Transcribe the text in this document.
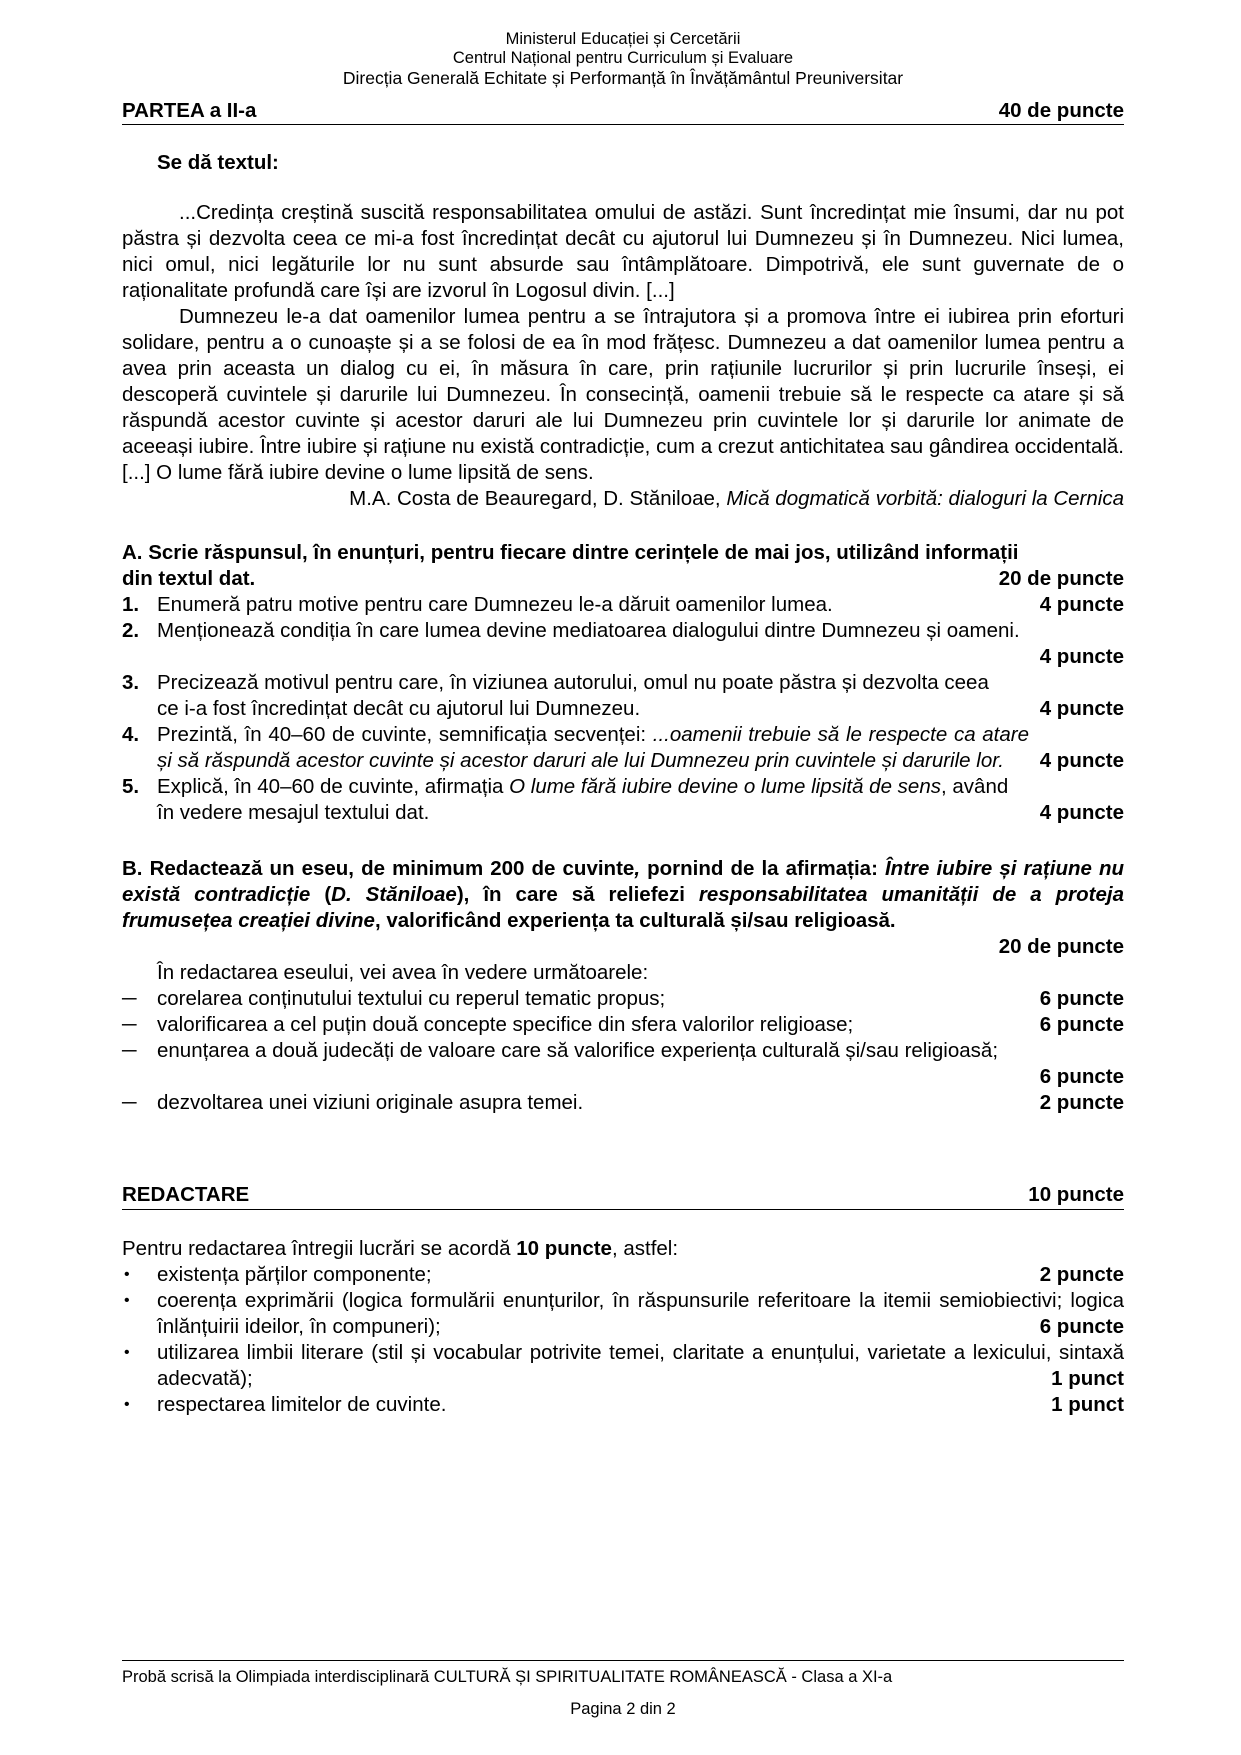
Ministerul Educației și Cercetării
Centrul Național pentru Curriculum și Evaluare
Direcția Generală Echitate și Performanță în Învățământul Preuniversitar
PARTEA a II-a	40 de puncte
Se dă textul:

...Credința creștină suscită responsabilitatea omului de astăzi. Sunt încredințat mie însumi, dar nu pot păstra și dezvolta ceea ce mi-a fost încredințat decât cu ajutorul lui Dumnezeu și în Dumnezeu. Nici lumea, nici omul, nici legăturile lor nu sunt absurde sau întâmplătoare. Dimpotrivă, ele sunt guvernate de o raționalitate profundă care își are izvorul în Logosul divin. [...]

Dumnezeu le-a dat oamenilor lumea pentru a se întrajutora și a promova între ei iubirea prin eforturi solidare, pentru a o cunoaște și a se folosi de ea în mod frățesc. Dumnezeu a dat oamenilor lumea pentru a avea prin aceasta un dialog cu ei, în măsura în care, prin rațiunile lucrurilor și prin lucrurile înseși, ei descoperă cuvintele și darurile lui Dumnezeu. În consecință, oamenii trebuie să le respecte ca atare și să răspundă acestor cuvinte și acestor daruri ale lui Dumnezeu prin cuvintele lor și darurile lor animate de aceeași iubire. Între iubire și rațiune nu există contradicție, cum a crezut antichitatea sau gândirea occidentală. [...] O lume fără iubire devine o lume lipsită de sens.

M.A. Costa de Beauregard, D. Stăniloae, Mică dogmatică vorbită: dialoguri la Cernica
A. Scrie răspunsul, în enunțuri, pentru fiecare dintre cerințele de mai jos, utilizând informații
din textul dat.	20 de puncte
1. Enumeră patru motive pentru care Dumnezeu le-a dăruit oamenilor lumea.	4 puncte
2. Menționează condiția în care lumea devine mediatoarea dialogului dintre Dumnezeu și oameni.
4 puncte
3. Precizează motivul pentru care, în viziunea autorului, omul nu poate păstra și dezvolta ceea ce i-a fost încredințat decât cu ajutorul lui Dumnezeu.	4 puncte
4. Prezintă, în 40–60 de cuvinte, semnificația secvenței: ...oamenii trebuie să le respecte ca atare și să răspundă acestor cuvinte și acestor daruri ale lui Dumnezeu prin cuvintele și darurile lor.	4 puncte
5. Explică, în 40–60 de cuvinte, afirmația O lume fără iubire devine o lume lipsită de sens, având în vedere mesajul textului dat.	4 puncte
B. Redactează un eseu, de minimum 200 de cuvinte, pornind de la afirmația: Între iubire și rațiune nu există contradicție (D. Stăniloae), în care să reliefezi responsabilitatea umanității de a proteja frumusețea creației divine, valorificând experiența ta culturală și/sau religioasă.
20 de puncte
În redactarea eseului, vei avea în vedere următoarele:
─ corelarea conținutului textului cu reperul tematic propus;	6 puncte
─ valorificarea a cel puțin două concepte specifice din sfera valorilor religioase;	6 puncte
─ enunțarea a două judecăți de valoare care să valorifice experiența culturală și/sau religioasă;
6 puncte
─ dezvoltarea unei viziuni originale asupra temei.	2 puncte
REDACTARE	10 puncte
Pentru redactarea întregii lucrări se acordă 10 puncte, astfel:
•	existența părților componente;	2 puncte
•	coerența exprimării (logica formulării enunțurilor, în răspunsurile referitoare la itemii semiobiectivi; logica înlănțuirii ideilor, în compuneri);	6 puncte
•	utilizarea limbii literare (stil și vocabular potrivite temei, claritate a enunțului, varietate a lexicului, sintaxă adecvată);	1 punct
•	respectarea limitelor de cuvinte.	1 punct
Probă scrisă la Olimpiada interdisciplinară CULTURĂ ȘI SPIRITUALITATE ROMÂNEASCĂ - Clasa a XI-a
Pagina 2 din 2
